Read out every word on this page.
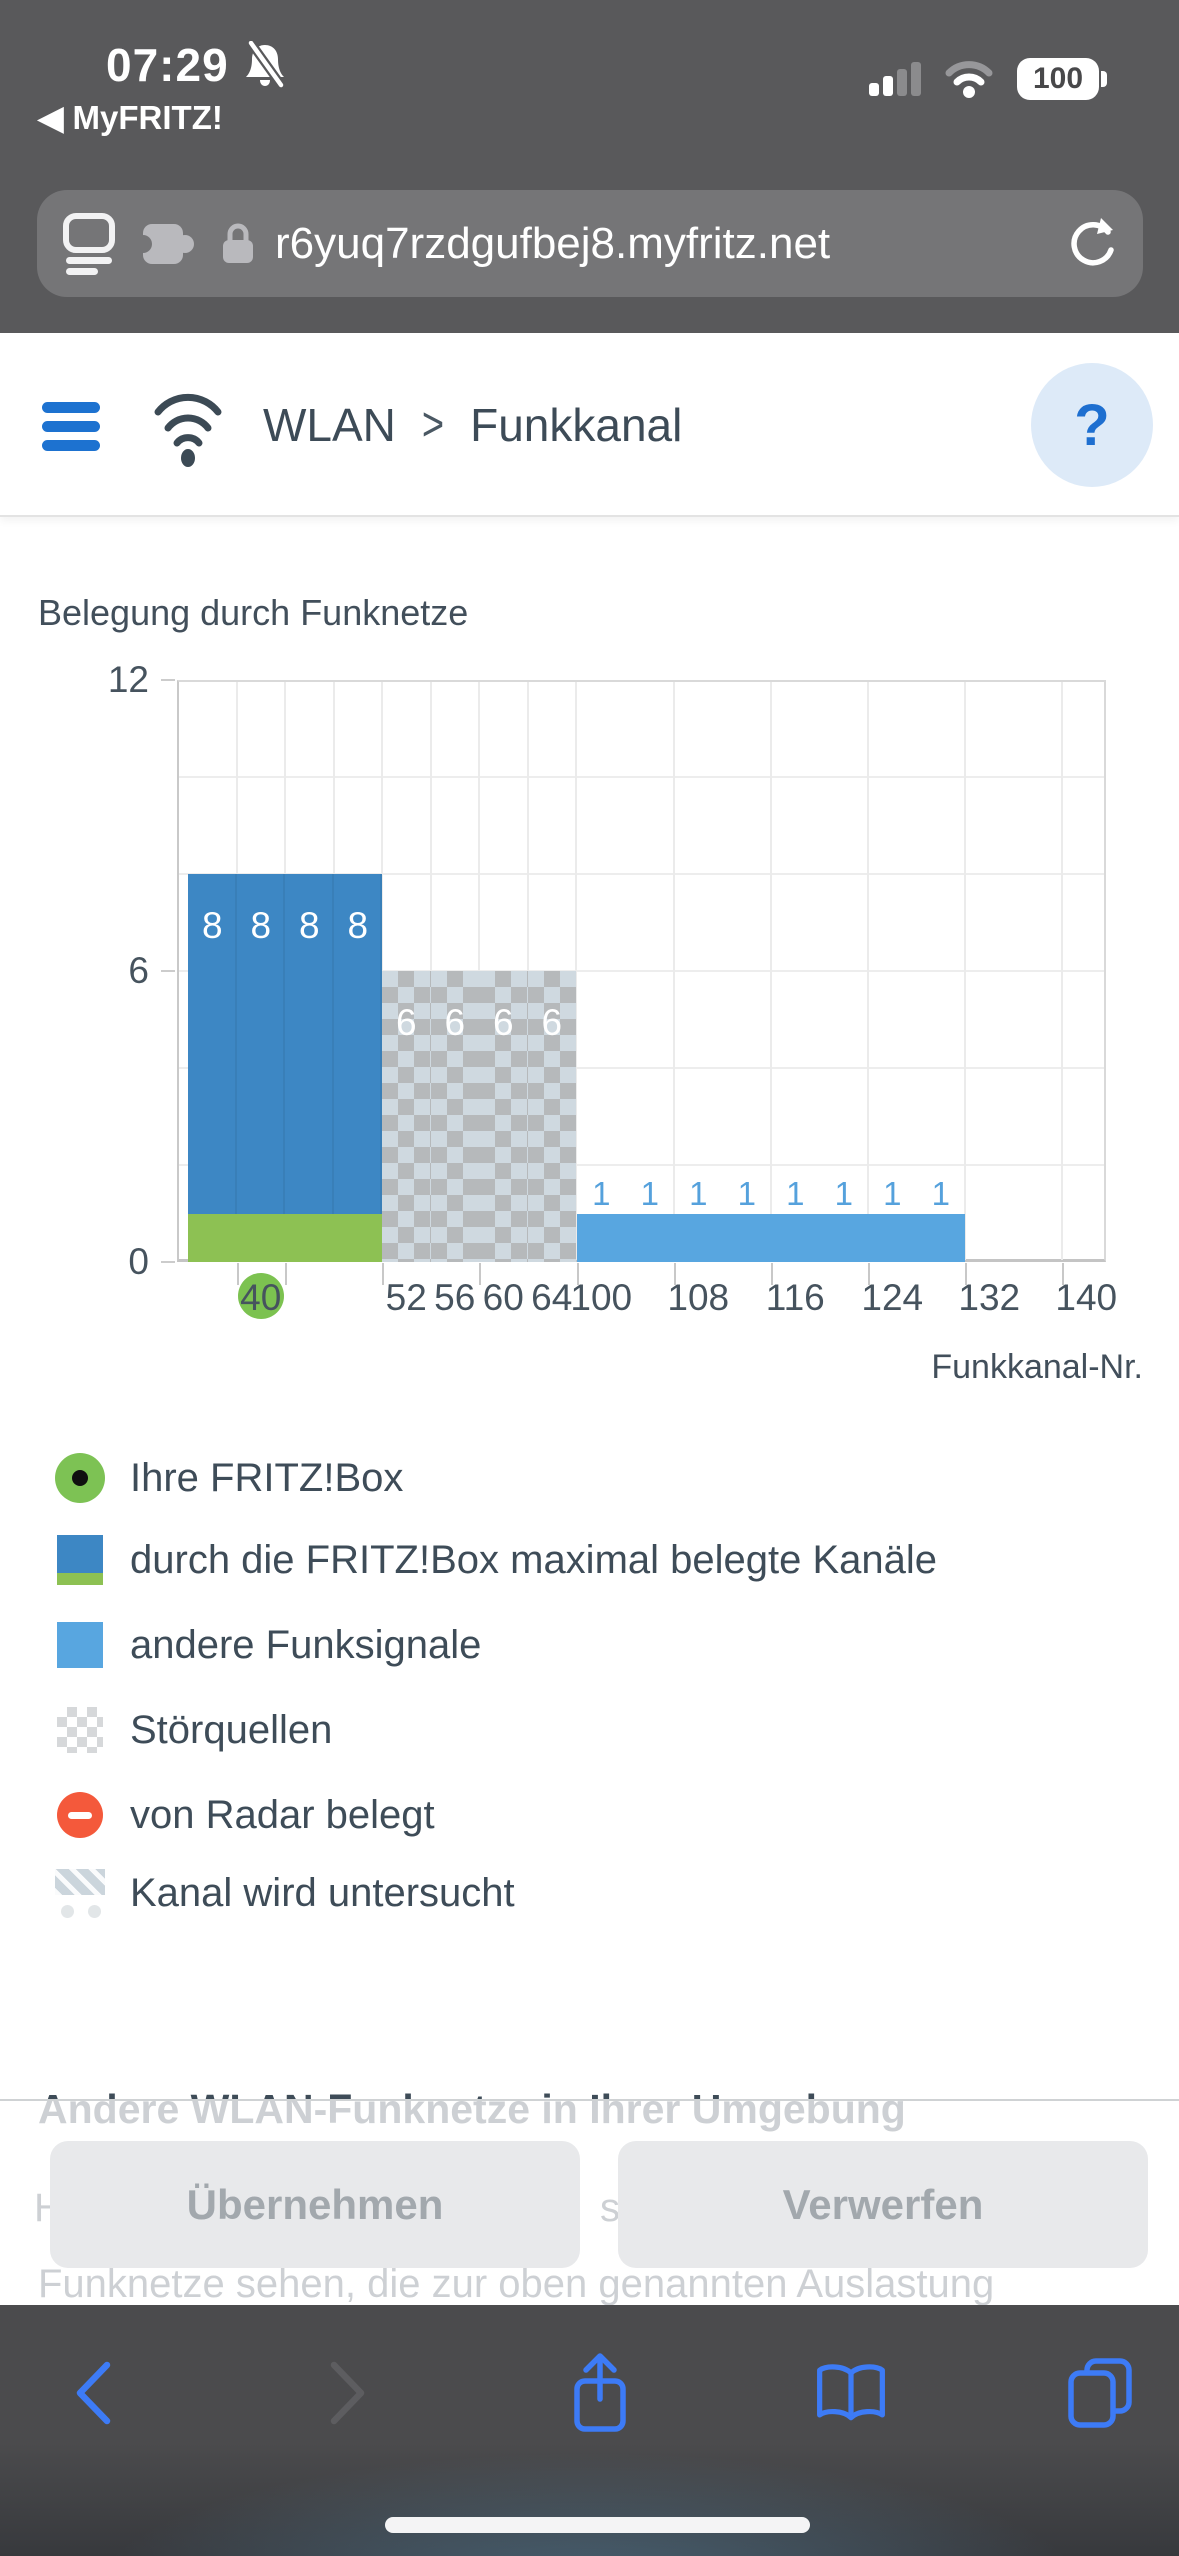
07:29
◀ MyFRITZ!
100
r6yuq7rzdgufbej8.myfritz.net
WLAN > Funkkanal	?
Belegung durch Funknetze
8 8 8 8
6 6 6 6
1 1 1 1 1 1 1 1
0
6
12
40	52 56 60 64
100 108 116 124 132 140
Funkkanal-Nr.
Ihre FRITZ!Box
durch die FRITZ!Box maximal belegte Kanäle
andere Funksignale
Störquellen
von Radar belegt
Kanal wird untersucht
Übernehmen	Verwerfen
